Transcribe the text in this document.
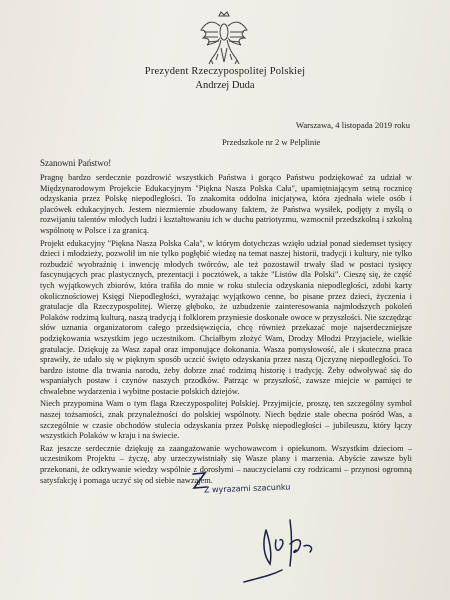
Prezydent Rzeczypospolitej Polskiej
Andrzej Duda
Warszawa, 4 listopada 2019 roku
Przedszkole nr 2 w Pelplinie
Szanowni Państwo!

Pragnę bardzo serdecznie pozdrowić wszystkich Państwa i gorąco Państwu podziękować za udział w Międzynarodowym Projekcie Edukacyjnym "Piękna Nasza Polska Cała", upamiętniającym setną rocznicę odzyskania przez Polskę niepodległości. To znakomita oddolna inicjatywa, która zjednała wiele osób i placówek edukacyjnych. Jestem niezmiernie zbudowany faktem, że Państwa wysiłek, podjęty z myślą o rozwijaniu talentów młodych ludzi i kształtowaniu ich w duchu patriotyzmu, wzmocnił przedszkolną i szkolną wspólnotę w Polsce i za granicą.

Projekt edukacyjny "Piękna Nasza Polska Cała", w którym dotychczas wzięło udział ponad siedemset tysięcy dzieci i młodzieży, pozwolił im nie tylko pogłębić wiedzę na temat naszej historii, tradycji i kultury, nie tylko rozbudzić wyobraźnię i inwencję młodych twórców, ale też pozostawił trwały ślad w postaci tysięcy fascynujących prac plastycznych, prezentacji i pocztówek, a także "Listów dla Polski". Cieszę się, że część tych wyjątkowych zbiorów, która trafiła do mnie w roku stulecia odzyskania niepodległości, zdobi karty okolicznościowej Księgi Niepodległości, wyrażając wyjątkowo cenne, bo pisane przez dzieci, życzenia i gratulacje dla Rzeczypospolitej. Wierzę głęboko, że uzbudzenie zainteresowania najmłodszych pokoleń Polaków rodzimą kulturą, naszą tradycją i folklorem przyniesie doskonałe owoce w przyszłości. Nie szczędząc słów uznania organizatorom całego przedsięwzięcia, chcę również przekazać moje najserdeczniejsze podziękowania wszystkim jego uczestnikom. Chciałbym złożyć Wam, Drodzy Młodzi Przyjaciele, wielkie gratulacje. Dziękuję za Wasz zapał oraz imponujące dokonania. Wasza pomysłowość, ale i skuteczna praca sprawiły, że udało się w pięknym sposób uczcić święto odzyskania przez naszą Ojczyznę niepodległości. To bardzo istotne dla trwania narodu, żeby dobrze znać rodzimą historię i tradycję. Żeby odwoływać się do wspaniałych postaw i czynów naszych przodków. Patrząc w przyszłość, zawsze miejcie w pamięci te chwalebne wydarzenia i wybitne postacie polskich dziejów.

Niech przypomina Wam o tym flaga Rzeczypospolitej Polskiej. Przyjmijcie, proszę, ten szczególny symbol naszej tożsamości, znak przynależności do polskiej wspólnoty. Niech będzie stale obecna pośród Was, a szczególnie w czasie obchodów stulecia odzyskania przez Polskę niepodległości – jubileuszu, który łączy wszystkich Polaków w kraju i na świecie.

Raz jeszcze serdecznie dziękuję za zaangażowanie wychowawcom i opiekunom. Wszystkim dzieciom – uczestnikom Projektu – życzę, aby urzeczywistniały się Wasze plany i marzenia. Abyście zawsze byli przekonani, że odkrywanie wiedzy wspólnie z dorosłymi – nauczycielami czy rodzicami – przynosi ogromną satysfakcję i pomaga uczyć się od siebie nawzajem.

Z wyrazami szacunku
